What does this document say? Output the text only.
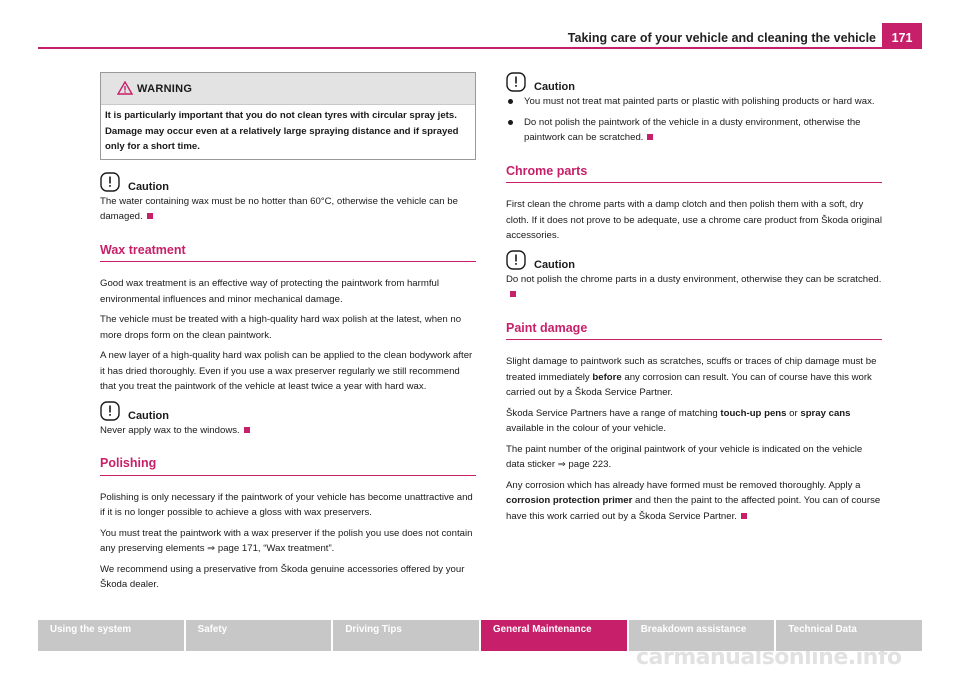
Taking care of your vehicle and cleaning the vehicle	171
WARNING
It is particularly important that you do not clean tyres with circular spray jets. Damage may occur even at a relatively large spraying distance and if sprayed only for a short time.
Caution

The water containing wax must be no hotter than 60°C, otherwise the vehicle can be damaged.

Wax treatment

Good wax treatment is an effective way of protecting the paintwork from harmful environmental influences and minor mechanical damage.

The vehicle must be treated with a high-quality hard wax polish at the latest, when no more drops form on the clean paintwork.

A new layer of a high-quality hard wax polish can be applied to the clean bodywork after it has dried thoroughly. Even if you use a wax preserver regularly we still recommend that you treat the paintwork of the vehicle at least twice a year with hard wax.

Caution

Never apply wax to the windows.

Polishing

Polishing is only necessary if the paintwork of your vehicle has become unattractive and if it is no longer possible to achieve a gloss with wax preservers.

You must treat the paintwork with a wax preserver if the polish you use does not contain any preserving elements ⇒ page 171, “Wax treatment”.

We recommend using a preservative from Škoda genuine accessories offered by your Škoda dealer.

Caution

You must not treat mat painted parts or plastic with polishing products or hard wax.

Do not polish the paintwork of the vehicle in a dusty environment, otherwise the paintwork can be scratched.

Chrome parts

First clean the chrome parts with a damp clotch and then polish them with a soft, dry cloth. If it does not prove to be adequate, use a chrome care product from Škoda original accessories.

Caution

Do not polish the chrome parts in a dusty environment, otherwise they can be scratched.

Paint damage

Slight damage to paintwork such as scratches, scuffs or traces of chip damage must be treated immediately before any corrosion can result. You can of course have this work carried out by a Škoda Service Partner.

Škoda Service Partners have a range of matching touch-up pens or spray cans available in the colour of your vehicle.

The paint number of the original paintwork of your vehicle is indicated on the vehicle data sticker ⇒ page 223.

Any corrosion which has already have formed must be removed thoroughly. Apply a corrosion protection primer and then the paint to the affected point. You can of course have this work carried out by a Škoda Service Partner.

Using the system	Safety	Driving Tips	General Maintenance	Breakdown assistance	Technical Data
carmanualsonline.info
